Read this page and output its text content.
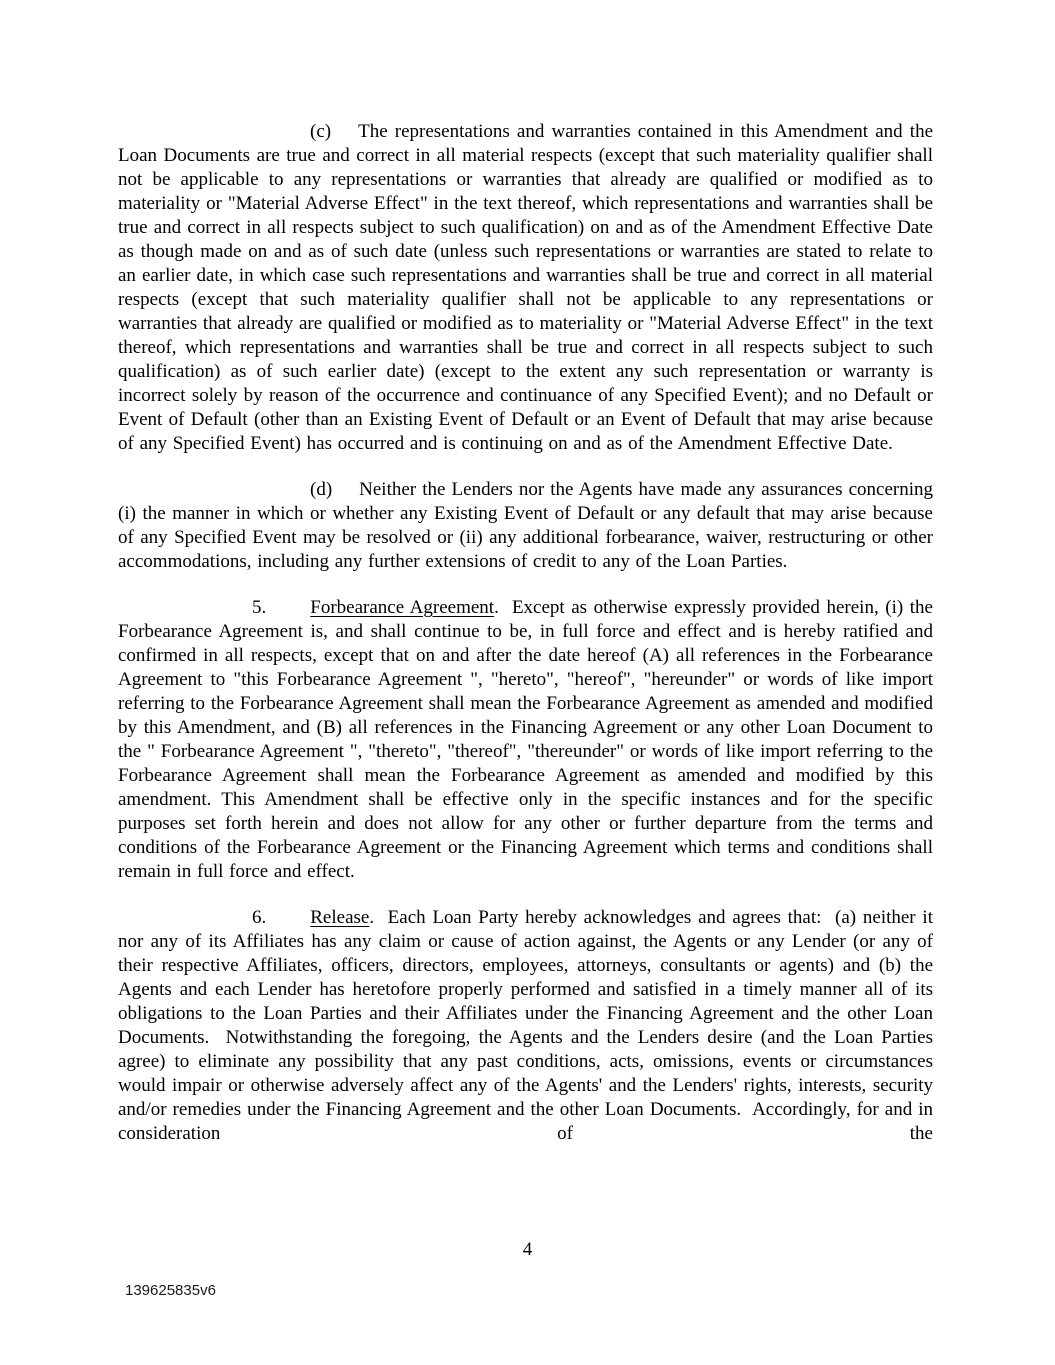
(c) The representations and warranties contained in this Amendment and the Loan Documents are true and correct in all material respects (except that such materiality qualifier shall not be applicable to any representations or warranties that already are qualified or modified as to materiality or "Material Adverse Effect" in the text thereof, which representations and warranties shall be true and correct in all respects subject to such qualification) on and as of the Amendment Effective Date as though made on and as of such date (unless such representations or warranties are stated to relate to an earlier date, in which case such representations and warranties shall be true and correct in all material respects (except that such materiality qualifier shall not be applicable to any representations or warranties that already are qualified or modified as to materiality or "Material Adverse Effect" in the text thereof, which representations and warranties shall be true and correct in all respects subject to such qualification) as of such earlier date) (except to the extent any such representation or warranty is incorrect solely by reason of the occurrence and continuance of any Specified Event); and no Default or Event of Default (other than an Existing Event of Default or an Event of Default that may arise because of any Specified Event) has occurred and is continuing on and as of the Amendment Effective Date.

(d) Neither the Lenders nor the Agents have made any assurances concerning (i) the manner in which or whether any Existing Event of Default or any default that may arise because of any Specified Event may be resolved or (ii) any additional forbearance, waiver, restructuring or other accommodations, including any further extensions of credit to any of the Loan Parties.

5. Forbearance Agreement.  Except as otherwise expressly provided herein, (i) the Forbearance Agreement is, and shall continue to be, in full force and effect and is hereby ratified and confirmed in all respects, except that on and after the date hereof (A) all references in the Forbearance Agreement to "this Forbearance Agreement ", "hereto", "hereof", "hereunder" or words of like import referring to the Forbearance Agreement shall mean the Forbearance Agreement as amended and modified by this Amendment, and (B) all references in the Financing Agreement or any other Loan Document to the " Forbearance Agreement ", "thereto", "thereof", "thereunder" or words of like import referring to the Forbearance Agreement shall mean the Forbearance Agreement as amended and modified by this amendment. This Amendment shall be effective only in the specific instances and for the specific purposes set forth herein and does not allow for any other or further departure from the terms and conditions of the Forbearance Agreement or the Financing Agreement which terms and conditions shall remain in full force and effect.

6. Release.  Each Loan Party hereby acknowledges and agrees that:  (a) neither it nor any of its Affiliates has any claim or cause of action against, the Agents or any Lender (or any of their respective Affiliates, officers, directors, employees, attorneys, consultants or agents) and (b) the Agents and each Lender has heretofore properly performed and satisfied in a timely manner all of its obligations to the Loan Parties and their Affiliates under the Financing Agreement and the other Loan Documents.  Notwithstanding the foregoing, the Agents and the Lenders desire (and the Loan Parties agree) to eliminate any possibility that any past conditions, acts, omissions, events or circumstances would impair or otherwise adversely affect any of the Agents' and the Lenders' rights, interests, security and/or remedies under the Financing Agreement and the other Loan Documents.  Accordingly, for and in consideration of the

4
139625835v6
